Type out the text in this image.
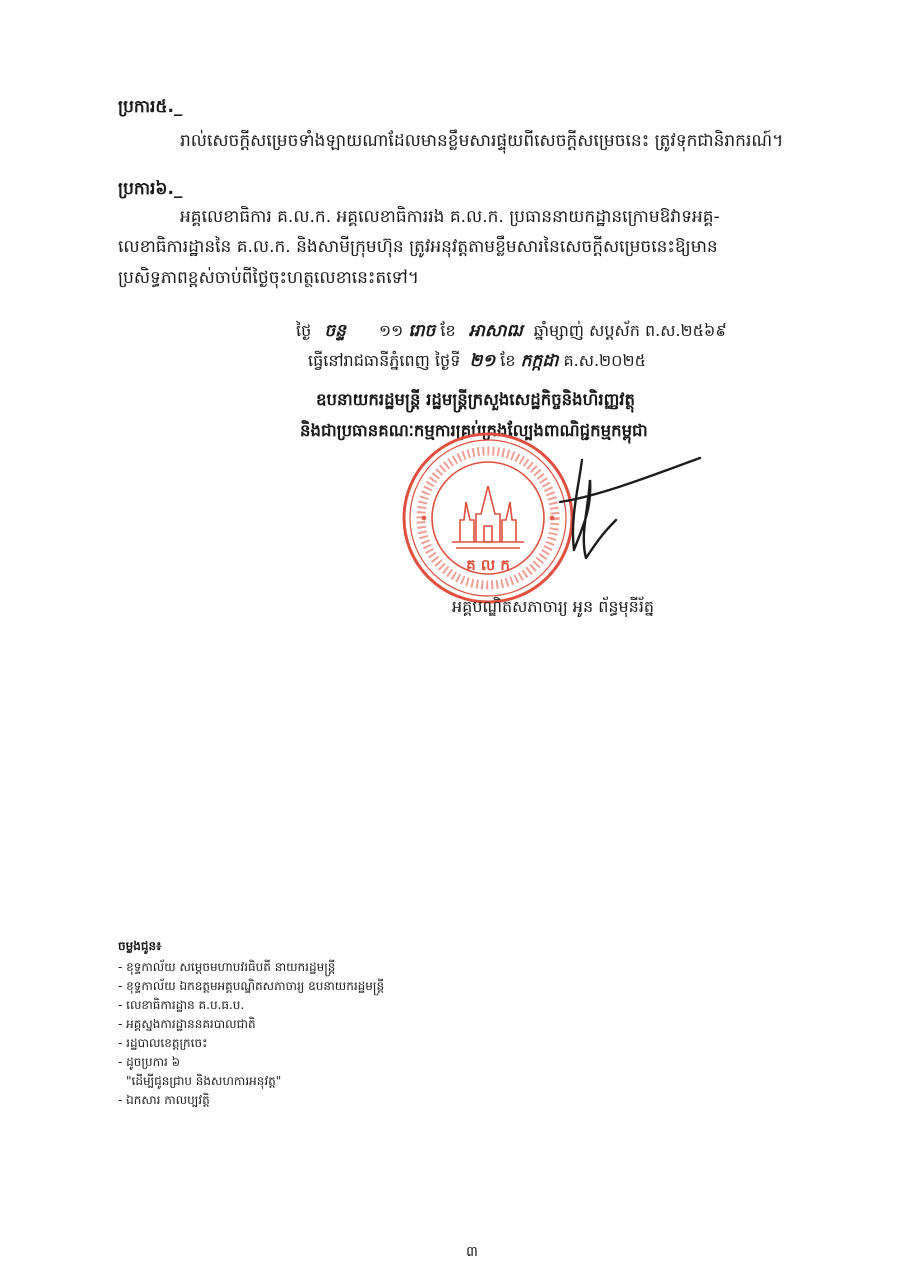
ប្រការ៥._
រាល់សេចក្ដីសម្រេចទាំងឡាយណាដែលមានខ្លឹមសារផ្ទុយពីសេចក្ដីសម្រេចនេះ ត្រូវទុកជានិរាករណ៍។
ប្រការ៦._
អគ្គលេខាធិការ គ.ល.ក. អគ្គលេខាធិការរង គ.ល.ក. ប្រធាននាយកដ្ឋានក្រោមឱវាទអគ្គ-
លេខាធិការដ្ឋាននៃ គ.ល.ក. និងសាមីក្រុមហ៊ុន ត្រូវអនុវត្តតាមខ្លឹមសារនៃសេចក្ដីសម្រេចនេះឱ្យមាន
ប្រសិទ្ធភាពខ្ពស់ចាប់ពីថ្ងៃចុះហត្ថលេខានេះតទៅ។
ថ្ងៃ ចន្ទ ១១ រោច ខែ អាសាឍ ឆ្នាំម្សាញ់ សប្តស័ក ព.ស.២៥៦៩
ធ្វើនៅរាជធានីភ្នំពេញ ថ្ងៃទី ២១ ខែ កក្កដា គ.ស.២០២៥
ឧបនាយករដ្ឋមន្ត្រី រដ្ឋមន្ត្រីក្រសួងសេដ្ឋកិច្ចនិងហិរញ្ញវត្ថុ
និងជាប្រធានគណៈកម្មការគ្រប់គ្រងល្បែងពាណិជ្ជកម្មកម្ពុជា
គ ល ក
អគ្គបណ្ឌិតសភាចារ្យ អូន ព័ន្ធមុនីរ័ត្ន
ចម្លងជូន៖
- ខុទ្ទកាល័យ សម្ដេចមហាបវរធិបតី នាយករដ្ឋមន្ត្រី
- ខុទ្ទកាល័យ ឯកឧត្តមអគ្គបណ្ឌិតសភាចារ្យ ឧបនាយករដ្ឋមន្ត្រី
- លេខាធិការដ្ឋាន គ.ប.ធ.ប.
- អគ្គស្នងការដ្ឋាននគរបាលជាតិ
- រដ្ឋបាលខេត្តក្រចេះ
- ដូចប្រការ ៦
"ដើម្បីជូនជ្រាប និងសហការអនុវត្ត"
- ឯកសារ កាលប្បវត្តិ
៣
